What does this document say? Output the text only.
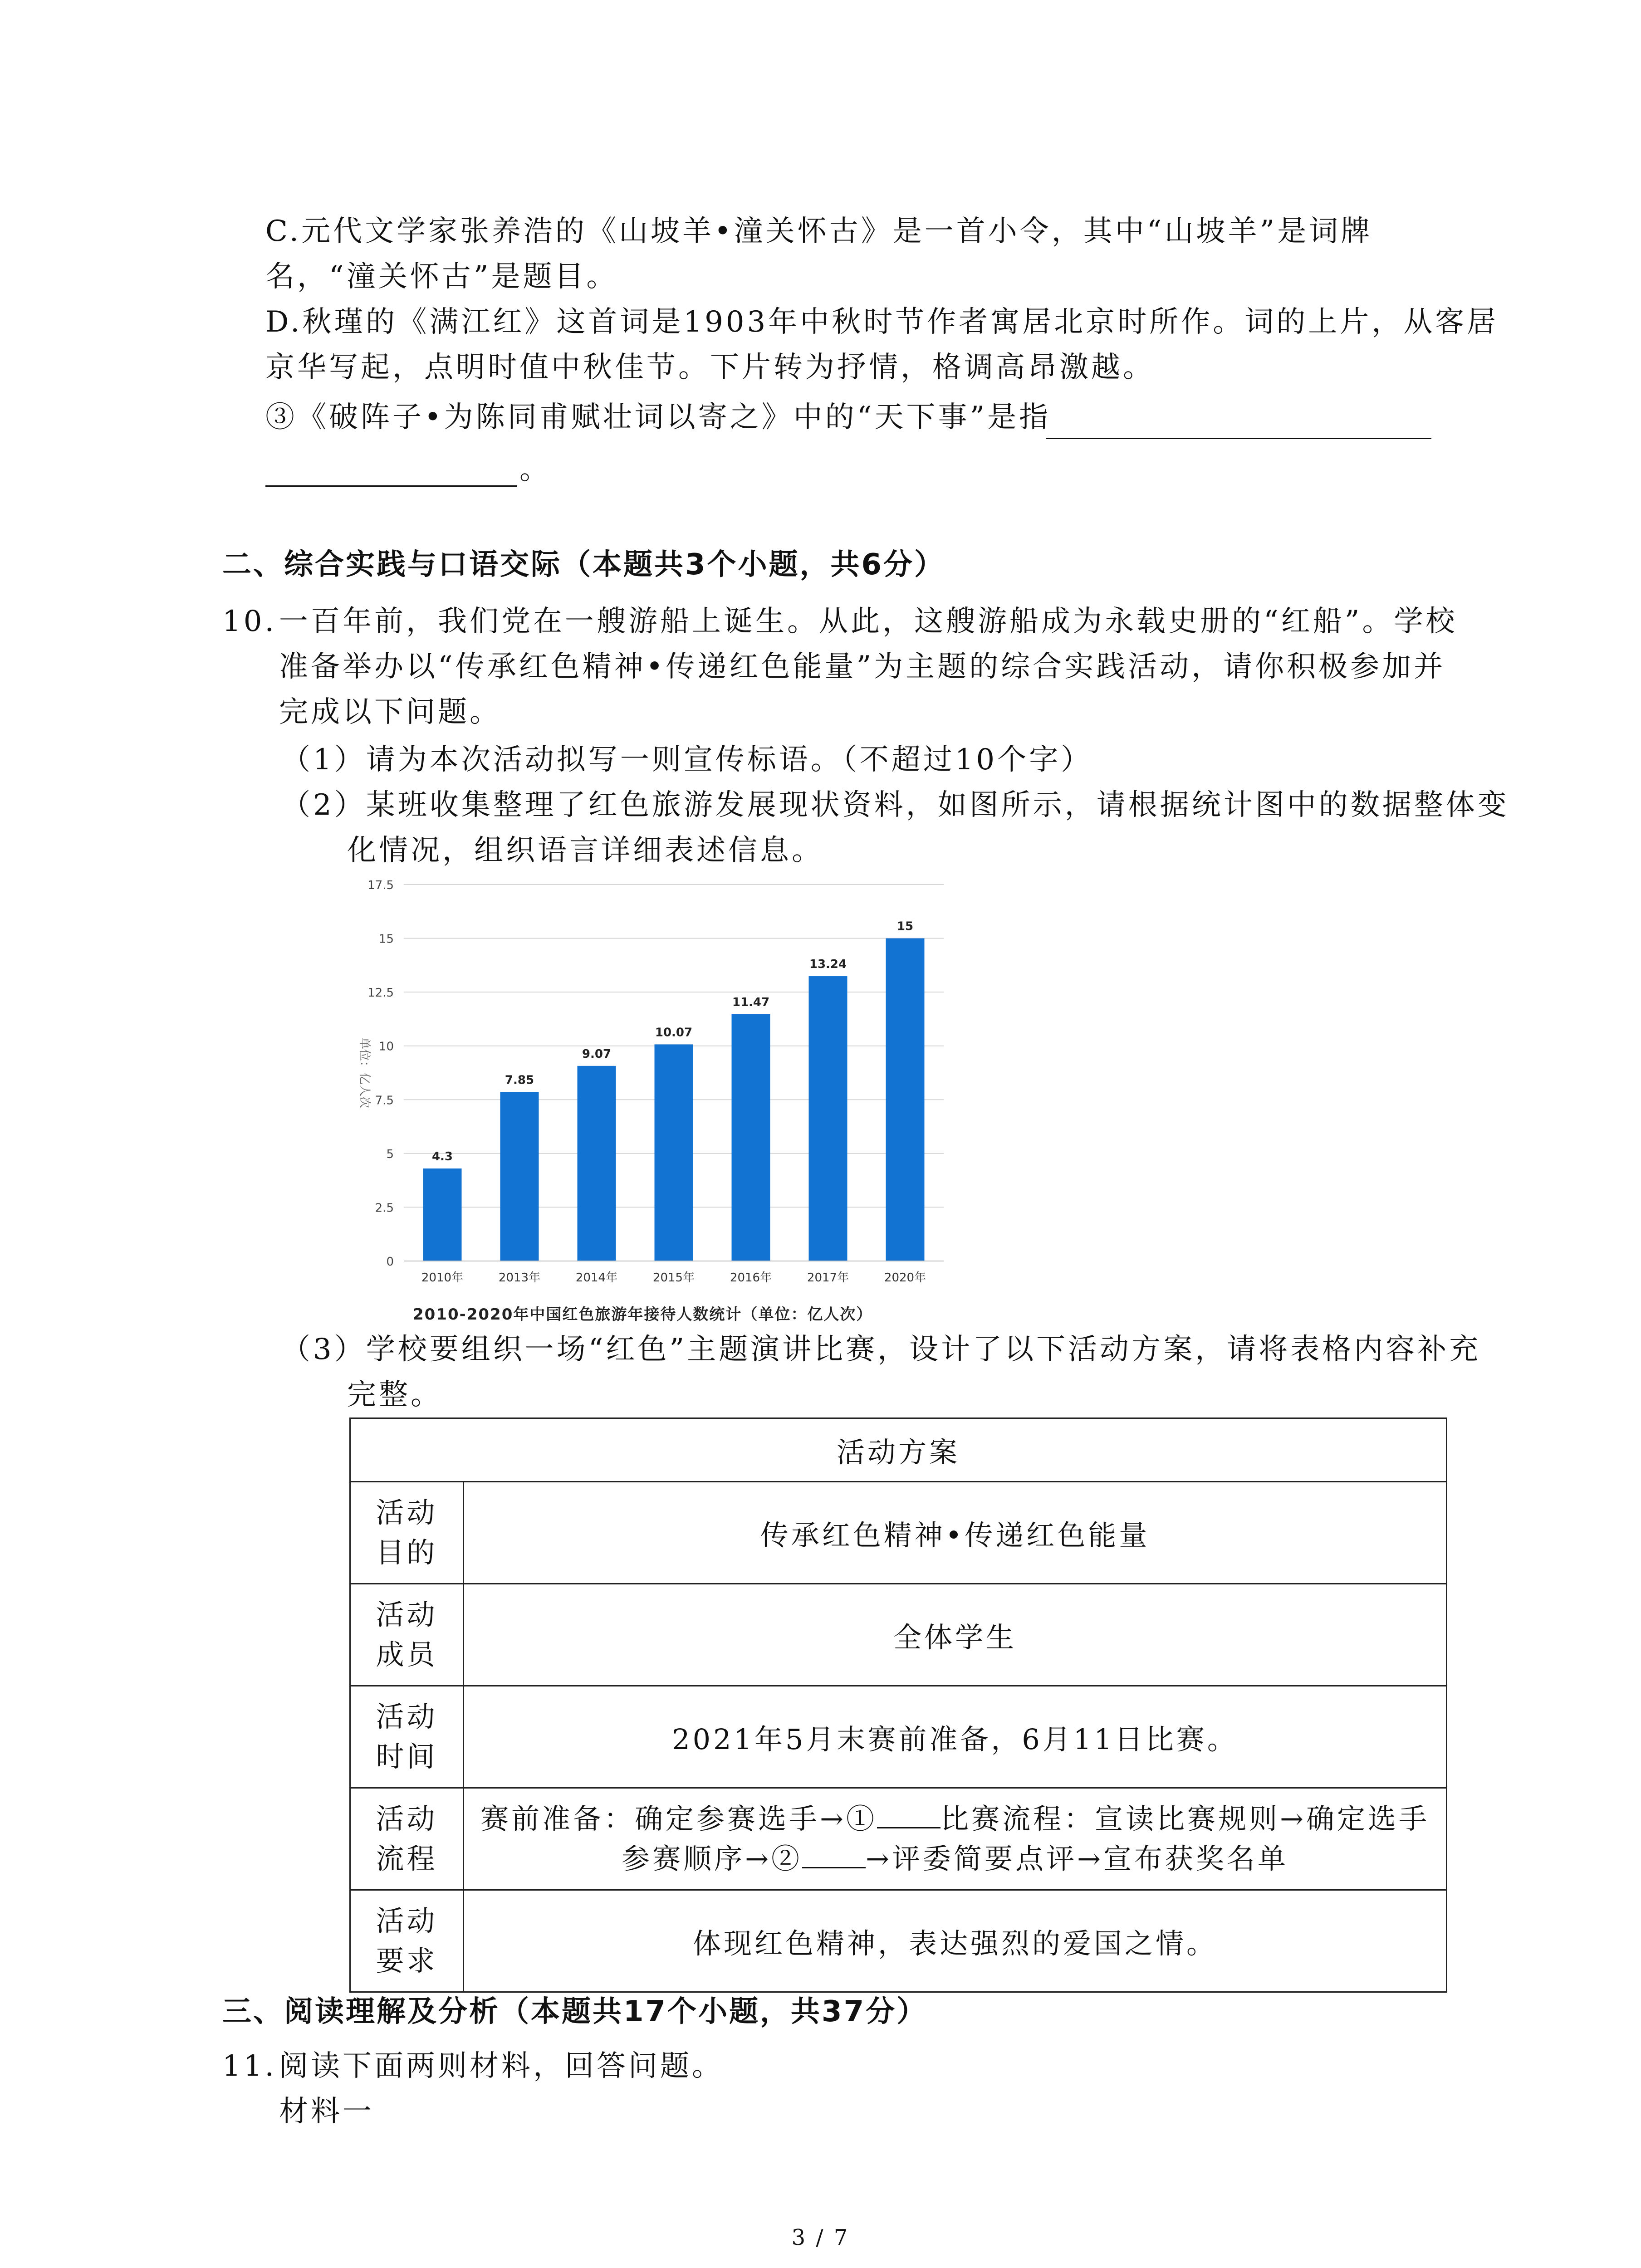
C.元代文学家张养浩的《山坡羊•潼关怀古》是一首小令，其中“山坡羊”是词牌
名，“潼关怀古”是题目。
D.秋瑾的《满江红》这首词是1903年中秋时节作者寓居北京时所作。词的上片，从客居
京华写起，点明时值中秋佳节。下片转为抒情，格调高昂激越。
③《破阵子•为陈同甫赋壮词以寄之》中的“天下事”是指
。
二、综合实践与口语交际（本题共3个小题，共6分）
10. 一百年前，我们党在一艘游船上诞生。从此，这艘游船成为永载史册的“红船”。学校
准备举办以“传承红色精神•传递红色能量”为主题的综合实践活动，请你积极参加并
完成以下问题。
（1）请为本次活动拟写一则宣传标语。（不超过10个字）
（2）某班收集整理了红色旅游发展现状资料，如图所示，请根据统计图中的数据整体变
化情况，组织语言详细表述信息。
0
2.5
5
7.5
10
12.5
15
17.5
单位：亿人次
4.3
2010年
7.85
2013年
9.07
2014年
10.07
2015年
11.47
2016年
13.24
2017年
15
2020年
2010-2020年中国红色旅游年接待人数统计（单位：亿人次）
（3）学校要组织一场“红色”主题演讲比赛，设计了以下活动方案，请将表格内容补充
完整。
活动方案	
活动
目的	传承红色精神•传递红色能量
活动
成员	全体学生
活动
时间	2021年5月末赛前准备，6月11日比赛。
活动
流程	赛前准备：确定参赛选手→① 比赛流程：宣读比赛规则→确定选手
参赛顺序→② →评委简要点评→宣布获奖名单
活动
要求	体现红色精神，表达强烈的爱国之情。
三、阅读理解及分析（本题共17个小题，共37分）
11. 阅读下面两则材料，回答问题。
材料一
3 / 7
